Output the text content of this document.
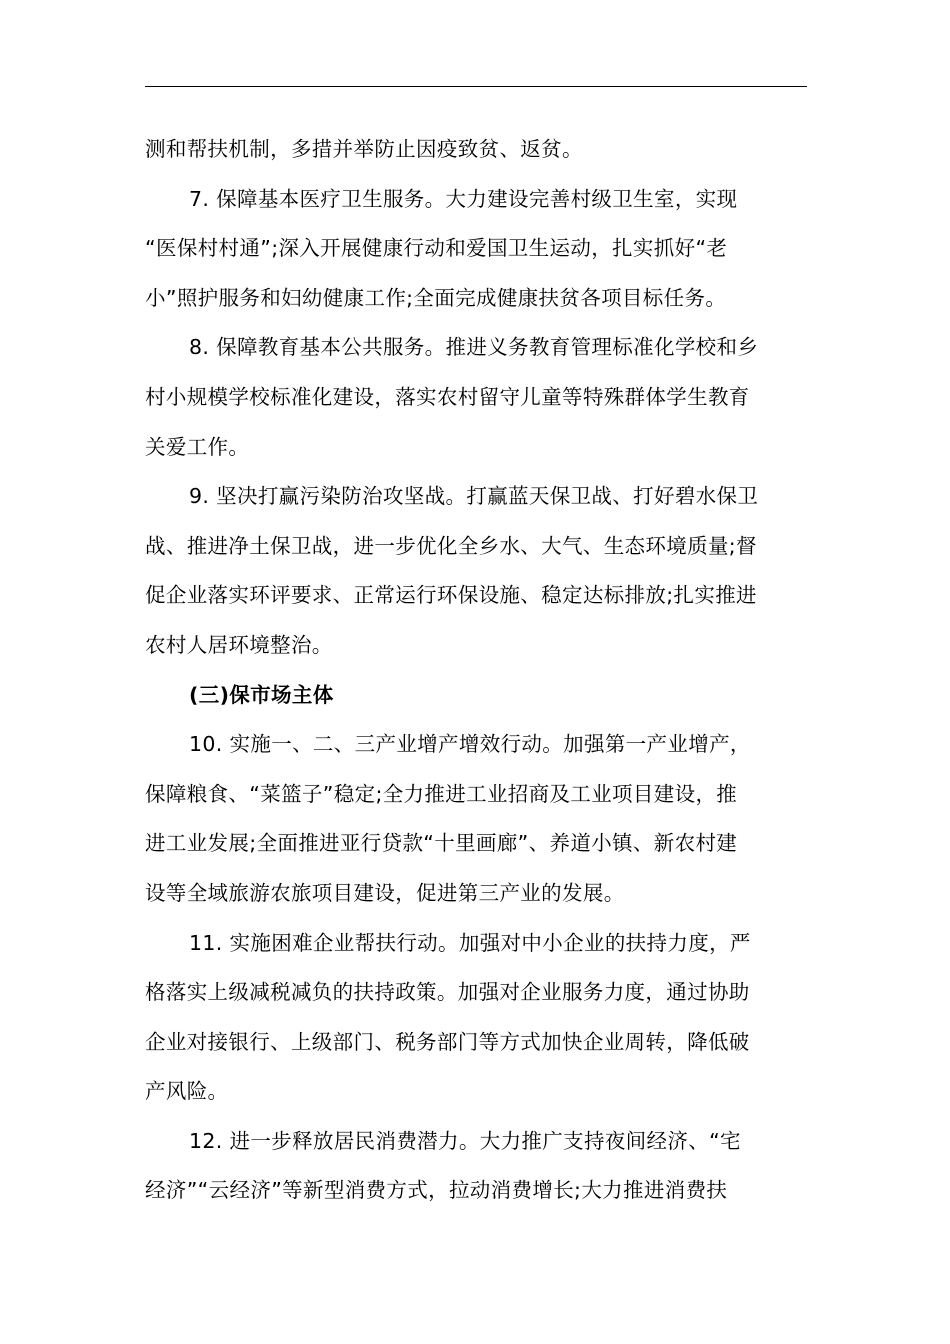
测和帮扶机制，多措并举防止因疫致贫、返贫。
7. 保障基本医疗卫生服务。大力建设完善村级卫生室，实现
“医保村村通”;深入开展健康行动和爱国卫生运动，扎实抓好“老
小”照护服务和妇幼健康工作;全面完成健康扶贫各项目标任务。
8. 保障教育基本公共服务。推进义务教育管理标准化学校和乡
村小规模学校标准化建设，落实农村留守儿童等特殊群体学生教育
关爱工作。
9. 坚决打赢污染防治攻坚战。打赢蓝天保卫战、打好碧水保卫
战、推进净土保卫战，进一步优化全乡水、大气、生态环境质量;督
促企业落实环评要求、正常运行环保设施、稳定达标排放;扎实推进
农村人居环境整治。
(三)保市场主体
10. 实施一、二、三产业增产增效行动。加强第一产业增产，
保障粮食、“菜篮子”稳定;全力推进工业招商及工业项目建设，推
进工业发展;全面推进亚行贷款“十里画廊”、养道小镇、新农村建
设等全域旅游农旅项目建设，促进第三产业的发展。
11. 实施困难企业帮扶行动。加强对中小企业的扶持力度，严
格落实上级减税减负的扶持政策。加强对企业服务力度，通过协助
企业对接银行、上级部门、税务部门等方式加快企业周转，降低破
产风险。
12. 进一步释放居民消费潜力。大力推广支持夜间经济、“宅
经济”“云经济”等新型消费方式，拉动消费增长;大力推进消费扶
